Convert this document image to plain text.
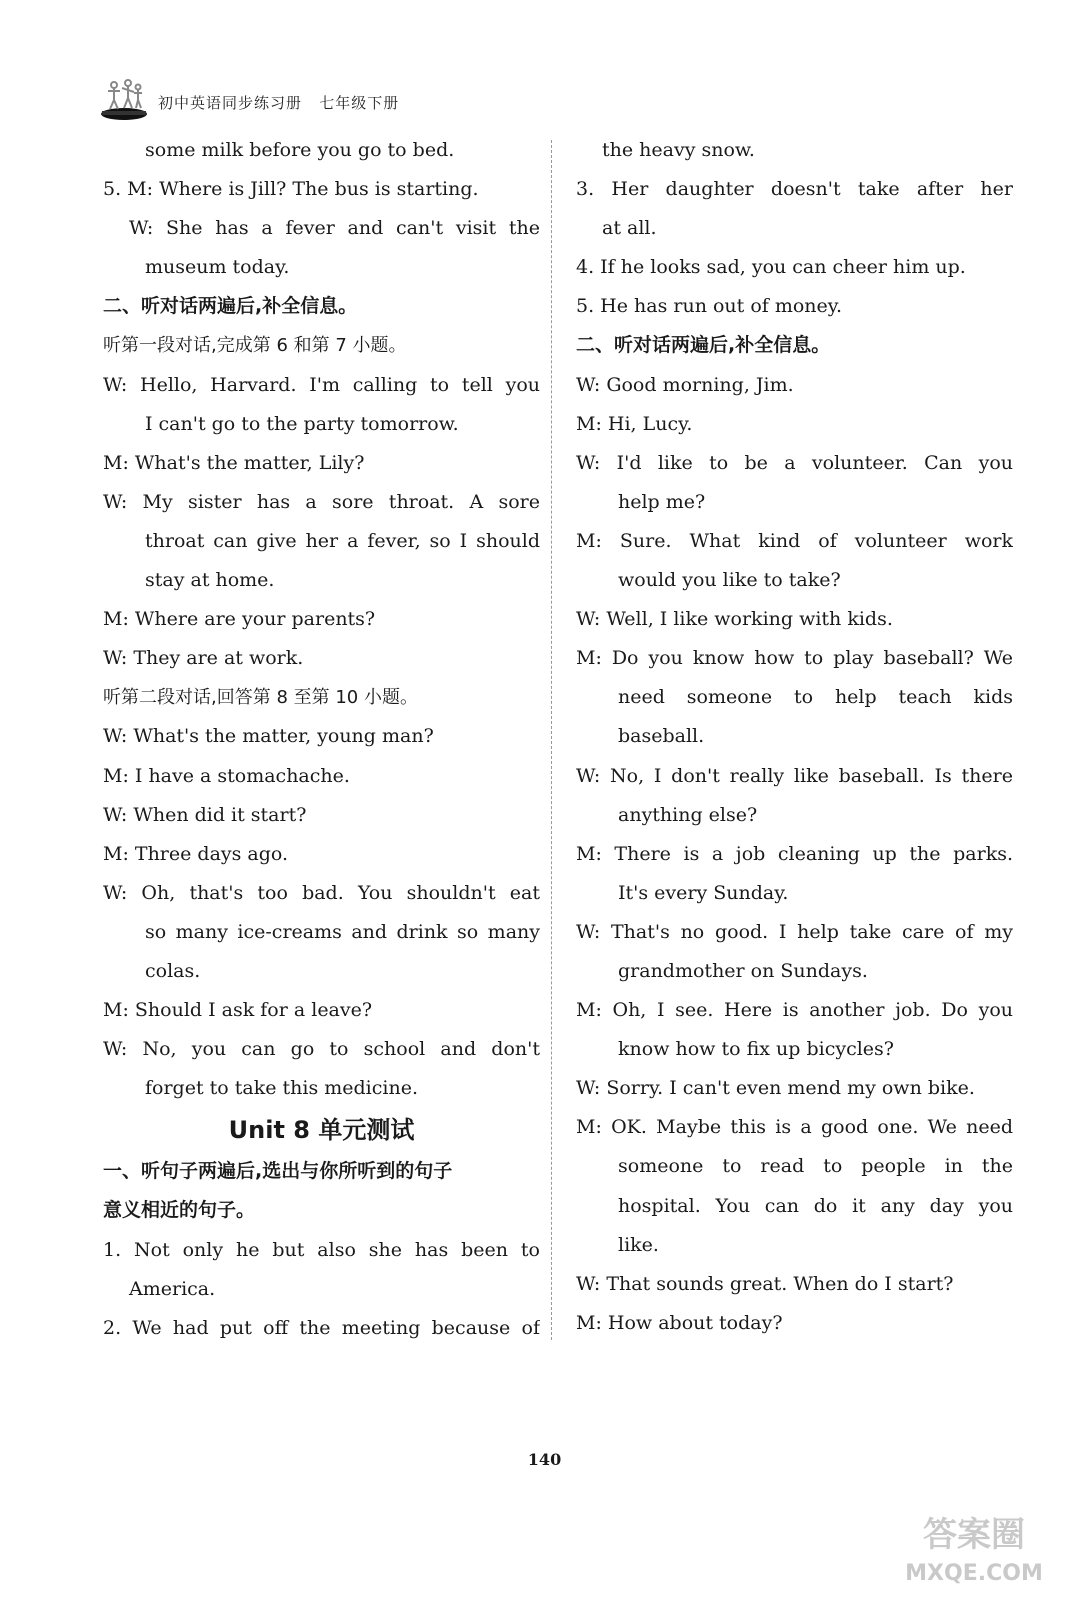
初中英语同步练习册   七年级下册
some milk before you go to bed.
5. M: Where is Jill? The bus is starting.
W: She has a fever and can't visit the
museum today.
二、听对话两遍后,补全信息。
听第一段对话,完成第 6 和第 7 小题。
W: Hello, Harvard. I'm calling to tell you
I can't go to the party tomorrow.
M: What's the matter, Lily?
W: My sister has a sore throat. A sore
throat can give her a fever, so I should
stay at home.
M: Where are your parents?
W: They are at work.
听第二段对话,回答第 8 至第 10 小题。
W: What's the matter, young man?
M: I have a stomachache.
W: When did it start?
M: Three days ago.
W: Oh, that's too bad. You shouldn't eat
so many ice-creams and drink so many
colas.
M: Should I ask for a leave?
W: No, you can go to school and don't
forget to take this medicine.
Unit 8 单元测试
一、听句子两遍后,选出与你所听到的句子
意义相近的句子。
1. Not only he but also she has been to
America.
2. We had put off the meeting because of
the heavy snow.
3. Her daughter doesn't take after her
at all.
4. If he looks sad, you can cheer him up.
5. He has run out of money.
二、听对话两遍后,补全信息。
W: Good morning, Jim.
M: Hi, Lucy.
W: I'd like to be a volunteer. Can you
help me?
M: Sure. What kind of volunteer work
would you like to take?
W: Well, I like working with kids.
M: Do you know how to play baseball? We
need someone to help teach kids
baseball.
W: No, I don't really like baseball. Is there
anything else?
M: There is a job cleaning up the parks.
It's every Sunday.
W: That's no good. I help take care of my
grandmother on Sundays.
M: Oh, I see. Here is another job. Do you
know how to fix up bicycles?
W: Sorry. I can't even mend my own bike.
M: OK. Maybe this is a good one. We need
someone to read to people in the
hospital. You can do it any day you
like.
W: That sounds great. When do I start?
M: How about today?
140
答案圈
MXQE.COM
